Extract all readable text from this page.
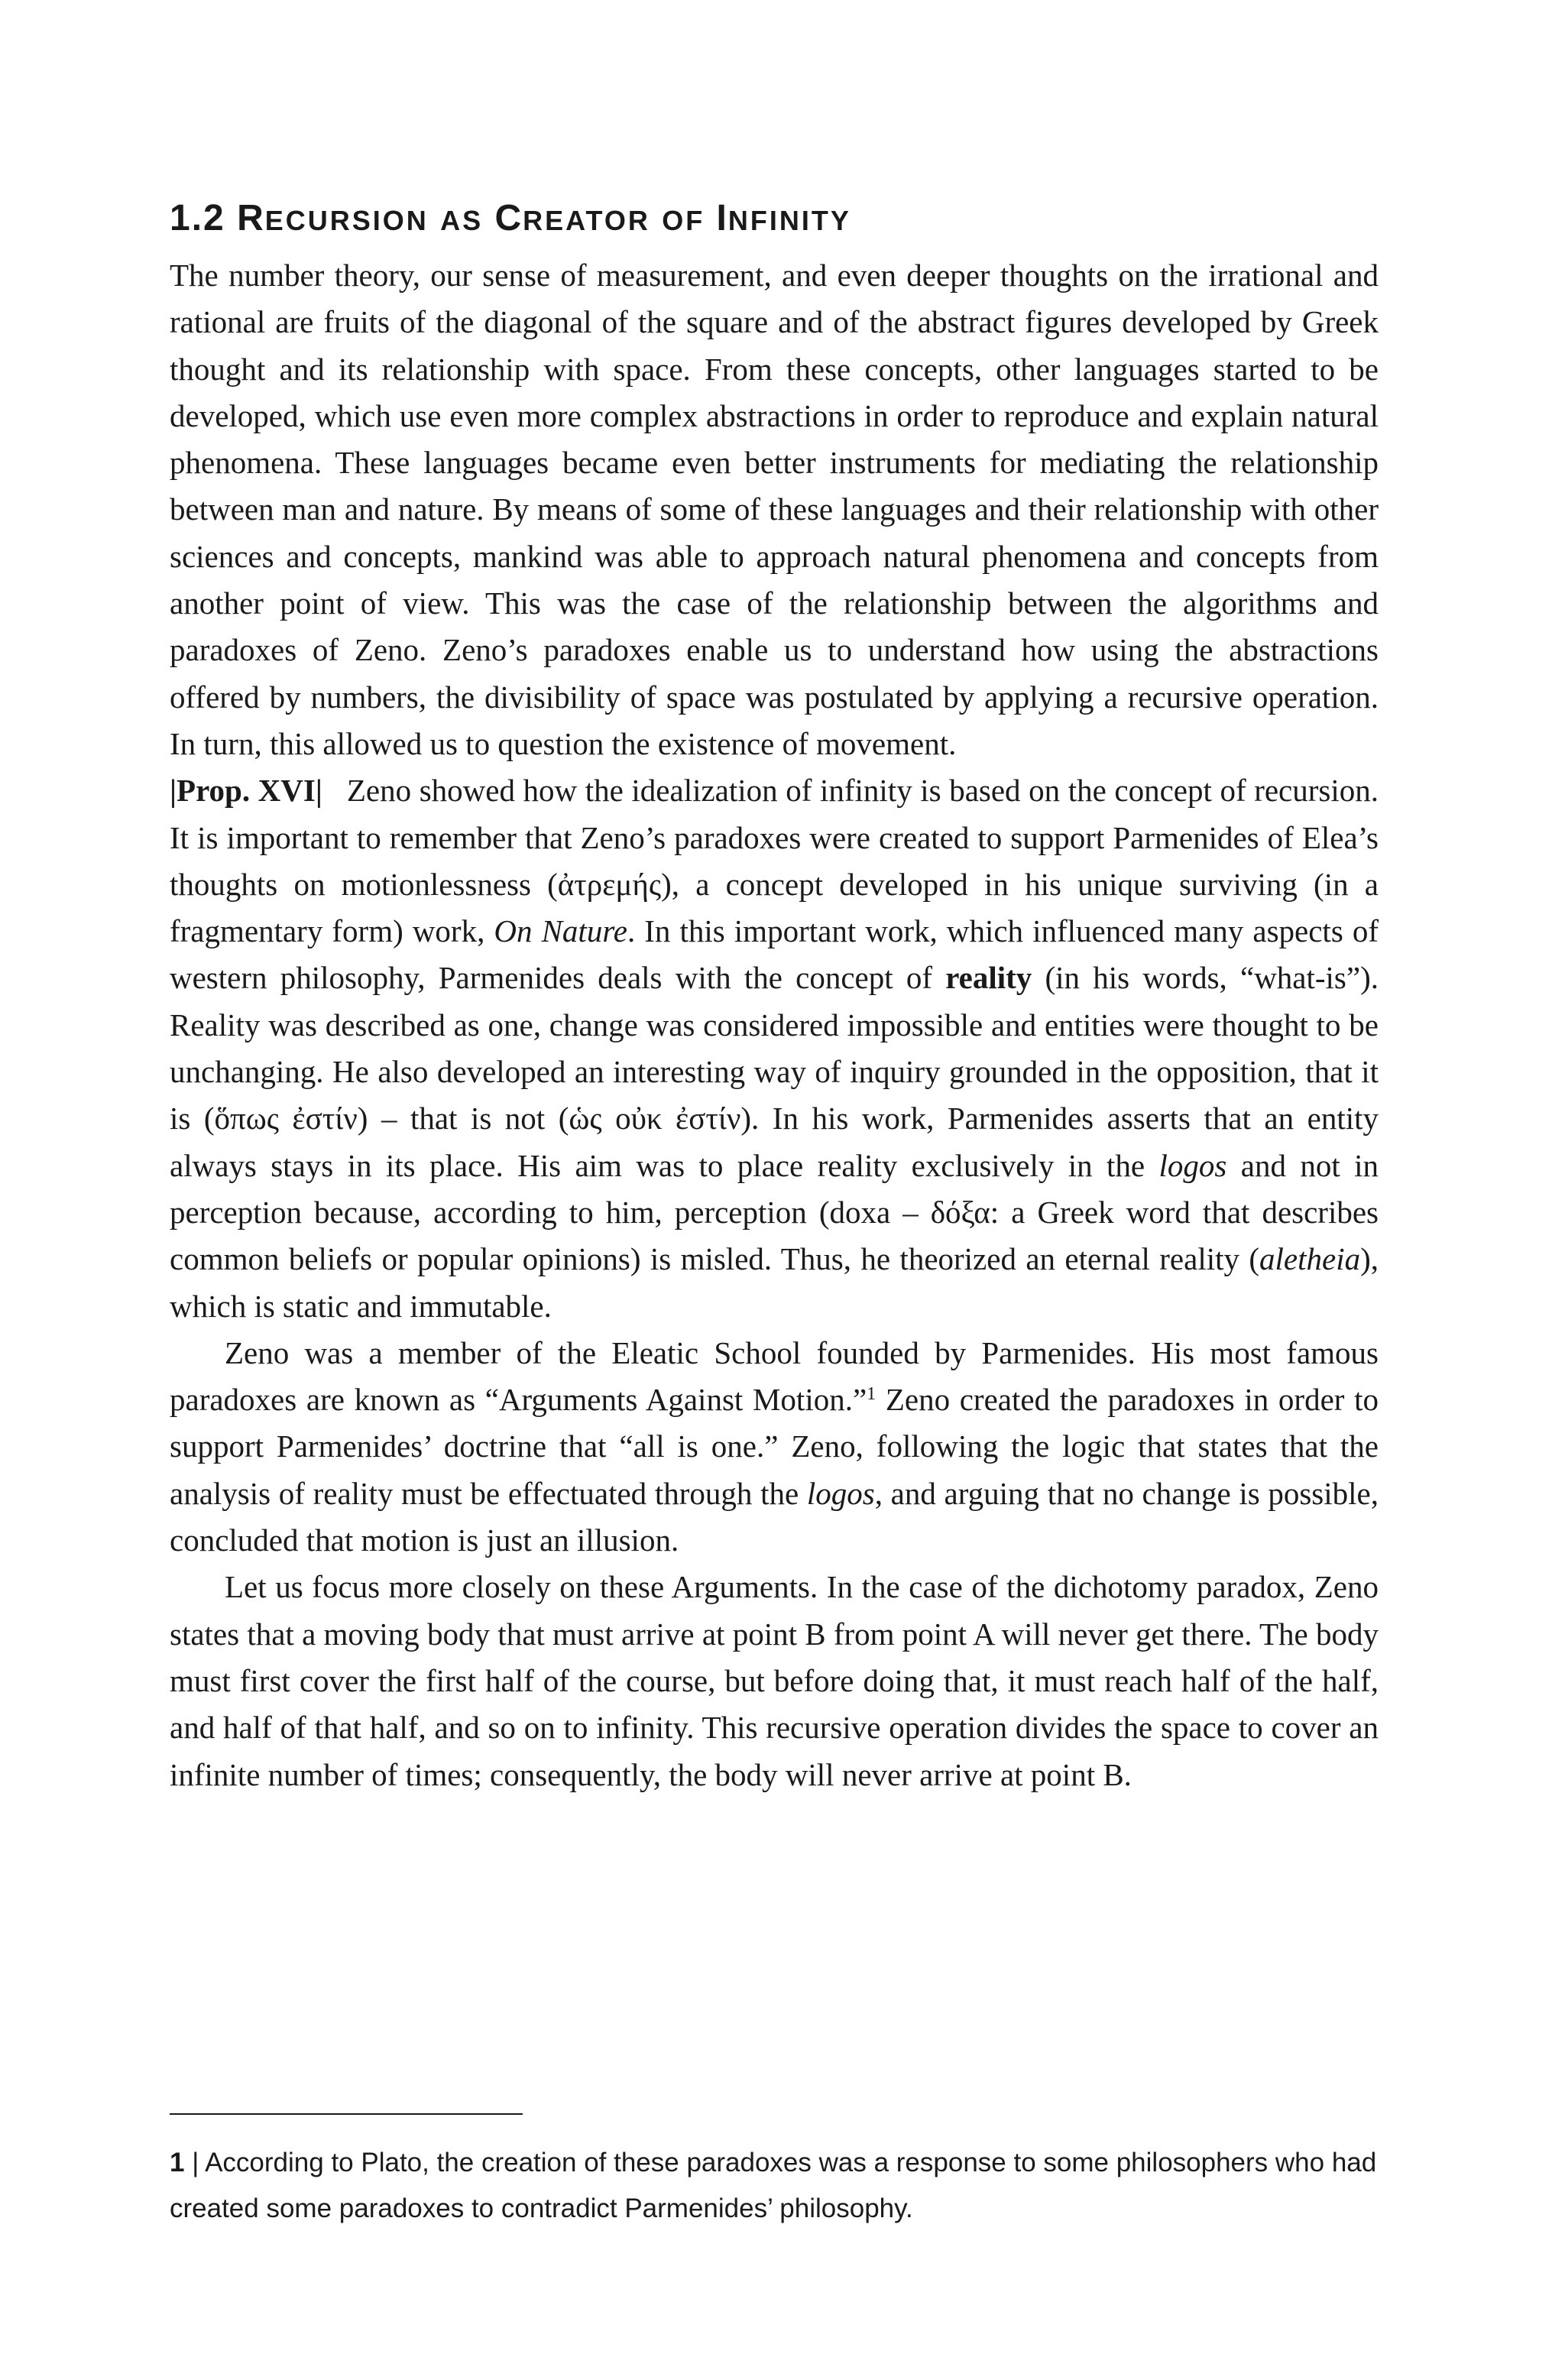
1.2 RECURSION AS CREATOR OF INFINITY

The number theory, our sense of measurement, and even deeper thoughts on the irrational and rational are fruits of the diagonal of the square and of the abstract figures developed by Greek thought and its relationship with space. From these concepts, other languages started to be developed, which use even more complex abstractions in order to reproduce and explain natural phenomena. These languages became even better instruments for mediating the relationship between man and nature. By means of some of these languages and their relationship with other sciences and concepts, mankind was able to approach natural phenomena and concepts from another point of view. This was the case of the relationship between the algorithms and paradoxes of Zeno. Zeno’s paradoxes enable us to understand how using the abstractions offered by numbers, the divisibility of space was postulated by applying a recursive operation. In turn, this allowed us to question the existence of movement.

|Prop. XVI| Zeno showed how the idealization of infinity is based on the concept of recursion. It is important to remember that Zeno’s paradoxes were created to support Parmenides of Elea’s thoughts on motionlessness (ἀτρεμής), a concept developed in his unique surviving (in a fragmentary form) work, On Nature. In this important work, which influenced many aspects of western philosophy, Parmenides deals with the concept of reality (in his words, “what-is”). Reality was described as one, change was considered impossible and entities were thought to be unchanging. He also developed an interesting way of inquiry grounded in the opposition, that it is (ὅπως ἐστίν) – that is not (ὡς οὐκ ἐστίν). In his work, Parmenides asserts that an entity always stays in its place. His aim was to place reality exclusively in the logos and not in perception because, according to him, perception (doxa – δόξα: a Greek word that describes common beliefs or popular opinions) is misled. Thus, he theorized an eternal reality (aletheia), which is static and immutable.

Zeno was a member of the Eleatic School founded by Parmenides. His most famous paradoxes are known as “Arguments Against Motion.”$^1$ Zeno created the paradoxes in order to support Parmenides’ doctrine that “all is one.” Zeno, following the logic that states that the analysis of reality must be effectuated through the logos, and arguing that no change is possible, concluded that motion is just an illusion.

Let us focus more closely on these Arguments. In the case of the dichotomy paradox, Zeno states that a moving body that must arrive at point B from point A will never get there. The body must first cover the first half of the course, but before doing that, it must reach half of the half, and half of that half, and so on to infinity. This recursive operation divides the space to cover an infinite number of times; consequently, the body will never arrive at point B.

1 | According to Plato, the creation of these paradoxes was a response to some philosophers who had created some paradoxes to contradict Parmenides’ philosophy.
